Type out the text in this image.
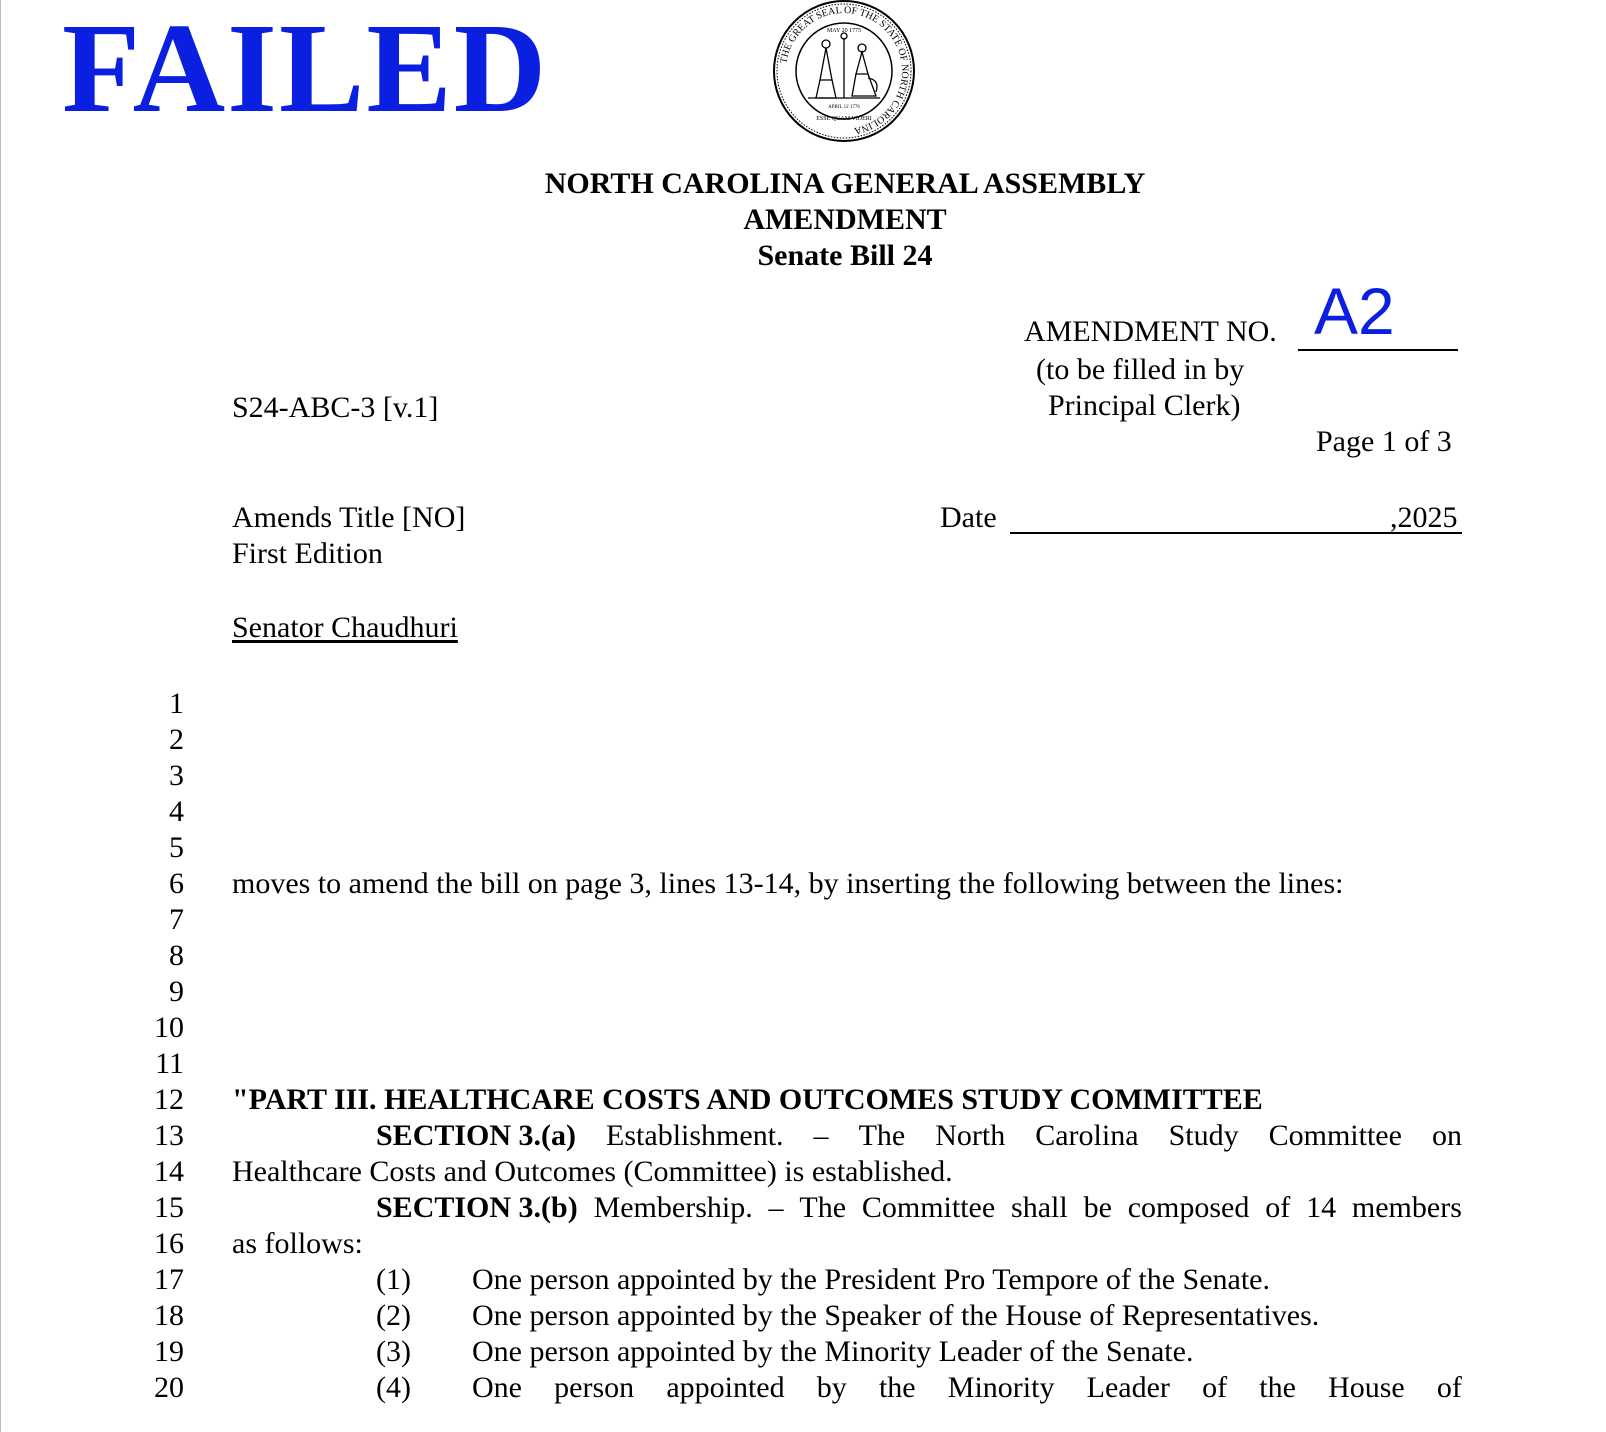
FAILED	THE GREAT SEAL OF THE STATE OF NORTH CAROLINA
MAY 20 1775
APRIL 12 1776
ESSE QUAM VIDERI
NORTH CAROLINA GENERAL ASSEMBLY
AMENDMENT
Senate Bill 24
AMENDMENT NO. A2
(to be filled in by
Principal Clerk)
S24-ABC-3 [v.1]
Page 1 of 3
Amends Title [NO]
First Edition
Date	,2025
Senator Chaudhuri
1
2
3
4
5
6
7
8
9
10
11
12
13
14
15
16
17
18
19
20
moves to amend the bill on page 3, lines 13-14, by inserting the following between the lines:
"PART III. HEALTHCARE COSTS AND OUTCOMES STUDY COMMITTEE
SECTION 3.(a) Establishment. – The North Carolina Study Committee on
Healthcare Costs and Outcomes (Committee) is established.
SECTION 3.(b) Membership. – The Committee shall be composed of 14 members
as follows:
(1) One person appointed by the President Pro Tempore of the Senate.
(2) One person appointed by the Speaker of the House of Representatives.
(3) One person appointed by the Minority Leader of the Senate.
(4) One person appointed by the Minority Leader of the House of
